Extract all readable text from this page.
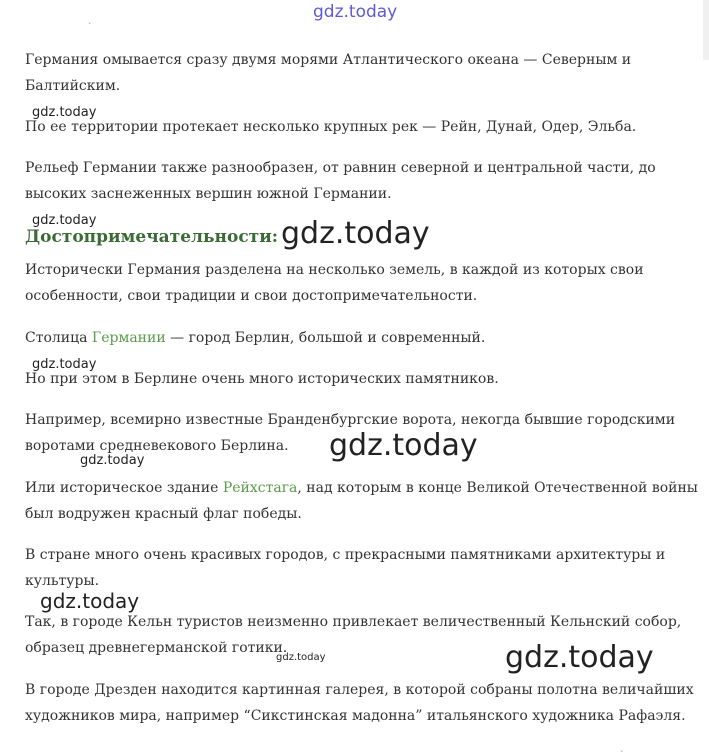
˯	gdz.today

Германия омывается сразу двумя морями Атлантического океана — Северным и
Балтийским.

По ее территории протекает несколько крупных рек — Рейн, Дунай, Одер, Эльба.

Рельеф Германии также разнообразен, от равнин северной и центральной части, до
высоких заснеженных вершин южной Германии.

Достопримечательности:

Исторически Германия разделена на несколько земель, в каждой из которых свои
особенности, свои традиции и свои достопримечательности.

Столица Германии — город Берлин, большой и современный.

Но при этом в Берлине очень много исторических памятников.

Например, всемирно известные Бранденбургские ворота, некогда бывшие городскими
воротами средневекового Берлина.

Или историческое здание Рейхстага, над которым в конце Великой Отечественной войны
был водружен красный флаг победы.

В стране много очень красивых городов, с прекрасными памятниками архитектуры и
культуры.

Так, в городе Кельн туристов неизменно привлекает величественный Кельнский собор,
образец древнегерманской готики.

В городе Дрезден находится картинная галерея, в которой собраны полотна величайших
художников мира, например “Сикстинская мадонна” итальянского художника Рафаэля.

gdz.today
gdz.today	gdz.today
gdz.today
gdz.today
gdz.today
gdz.today
gdz.today	gdz.today
˯
